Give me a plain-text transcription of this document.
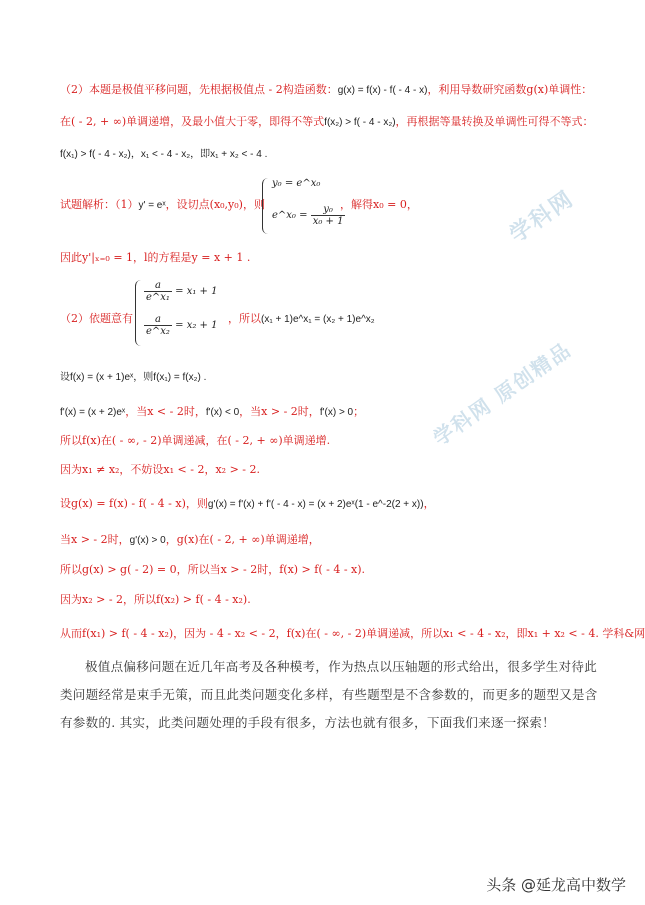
学科网
学科网 原创精品
（2）本题是极值平移问题，先根据极值点 - 2构造函数：g(x) = f(x) - f( - 4 - x)，利用导数研究函数g(x)单调性：
在( - 2, + ∞)单调递增，及最小值大于零，即得不等式f(x₂) > f( - 4 - x₂)，再根据等量转换及单调性可得不等式：
f(x₁) > f( - 4 - x₂)，x₁ < - 4 - x₂，即x₁ + x₂ < - 4 .
试题解析：（1）y' = eˣ，设切点(x₀,y₀)，则
y₀ = e^x₀
e^x₀ = $\frac{\text{y₀}}{\text{x₀ + 1}}$
，解得x₀ = 0，
因此y'|ₓ₌₀ = 1，l的方程是y = x + 1 .
（2）依题意有
$\frac{a}{\text{e\textasciicircum{}x₁}} = x_1 + 1$
$\frac{a}{\text{e\textasciicircum{}x₂}} = x_2 + 1$
，所以(x₁ + 1)e^x₁ = (x₂ + 1)e^x₂
设f(x) = (x + 1)eˣ，则f(x₁) = f(x₂) .
f'(x) = (x + 2)eˣ，当x < - 2时，f'(x) < 0，当x > - 2时，f'(x) > 0；
所以f(x)在( - ∞, - 2)单调递减，在( - 2, + ∞)单调递增.
因为x₁ ≠ x₂，不妨设x₁ < - 2，x₂ > - 2.
设g(x) = f(x) - f( - 4 - x)，则g'(x) = f'(x) + f'( - 4 - x) = (x + 2)eˣ(1 - e^-2(2 + x))，
当x > - 2时，g'(x) > 0，g(x)在( - 2, + ∞)单调递增，
所以g(x) > g( - 2) = 0，所以当x > - 2时，f(x) > f( - 4 - x).
因为x₂ > - 2，所以f(x₂) > f( - 4 - x₂).
从而f(x₁) > f( - 4 - x₂)，因为 - 4 - x₂ < - 2，f(x)在( - ∞, - 2)单调递减，所以x₁ < - 4 - x₂，即x₁ + x₂ < - 4. 学科&网
极值点偏移问题在近几年高考及各种模考，作为热点以压轴题的形式给出，很多学生对待此类问题经常是束手无策，而且此类问题变化多样，有些题型是不含参数的，而更多的题型又是含有参数的. 其实，此类问题处理的手段有很多，方法也就有很多，下面我们来逐一探索！
头条 @延龙高中数学
